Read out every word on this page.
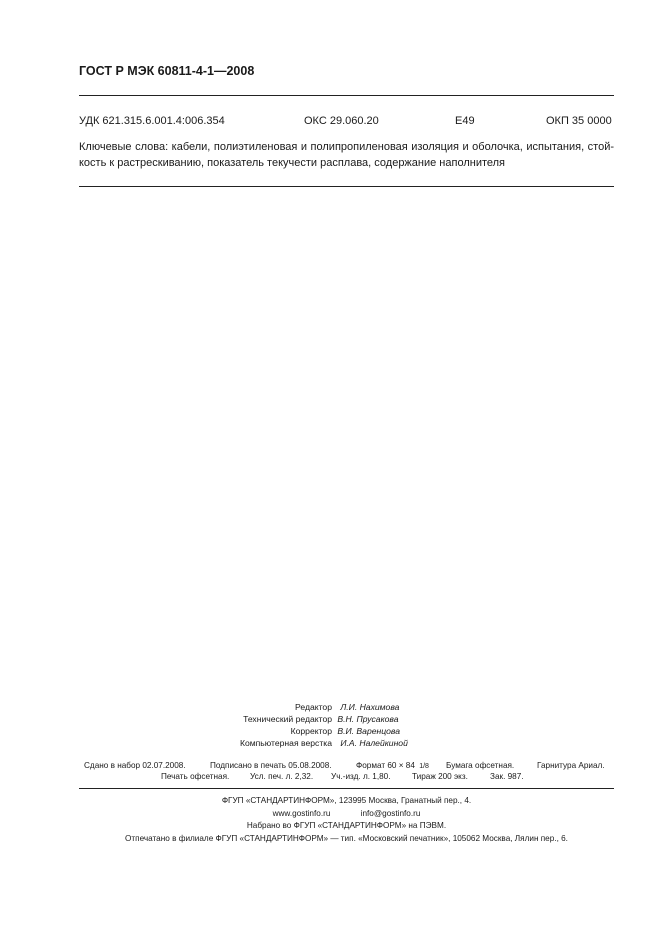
ГОСТ Р МЭК 60811-4-1—2008
УДК 621.315.6.001.4:006.354	ОКС 29.060.20	Е49	ОКП 35 0000
Ключевые слова: кабели, полиэтиленовая и полипропиленовая изоляция и оболочка, испытания, стой-
кость к растрескиванию, показатель текучести расплава, содержание наполнителя
Редактор Л.И. Нахимова
Технический редактор В.Н. Прусакова
Корректор В.И. Варенцова
Компьютерная верстка И.А. Налейкиной
Сдано в набор 02.07.2008.	Подписано в печать 05.08.2008.	Формат 60 × 84 1/8 Бумага офсетная.	Гарнитура Ариал.
Печать офсетная.	Усл. печ. л. 2,32. Уч.-изд. л. 1,80.	Тираж 200 экз.	Зак. 987.
ФГУП «СТАНДАРТИНФОРМ», 123995 Москва, Гранатный пер., 4.
www.gostinfo.ru	info@gostinfo.ru
Набрано во ФГУП «СТАНДАРТИНФОРМ» на ПЭВМ.
Отпечатано в филиале ФГУП «СТАНДАРТИНФОРМ» — тип. «Московский печатник», 105062 Москва, Лялин пер., 6.
